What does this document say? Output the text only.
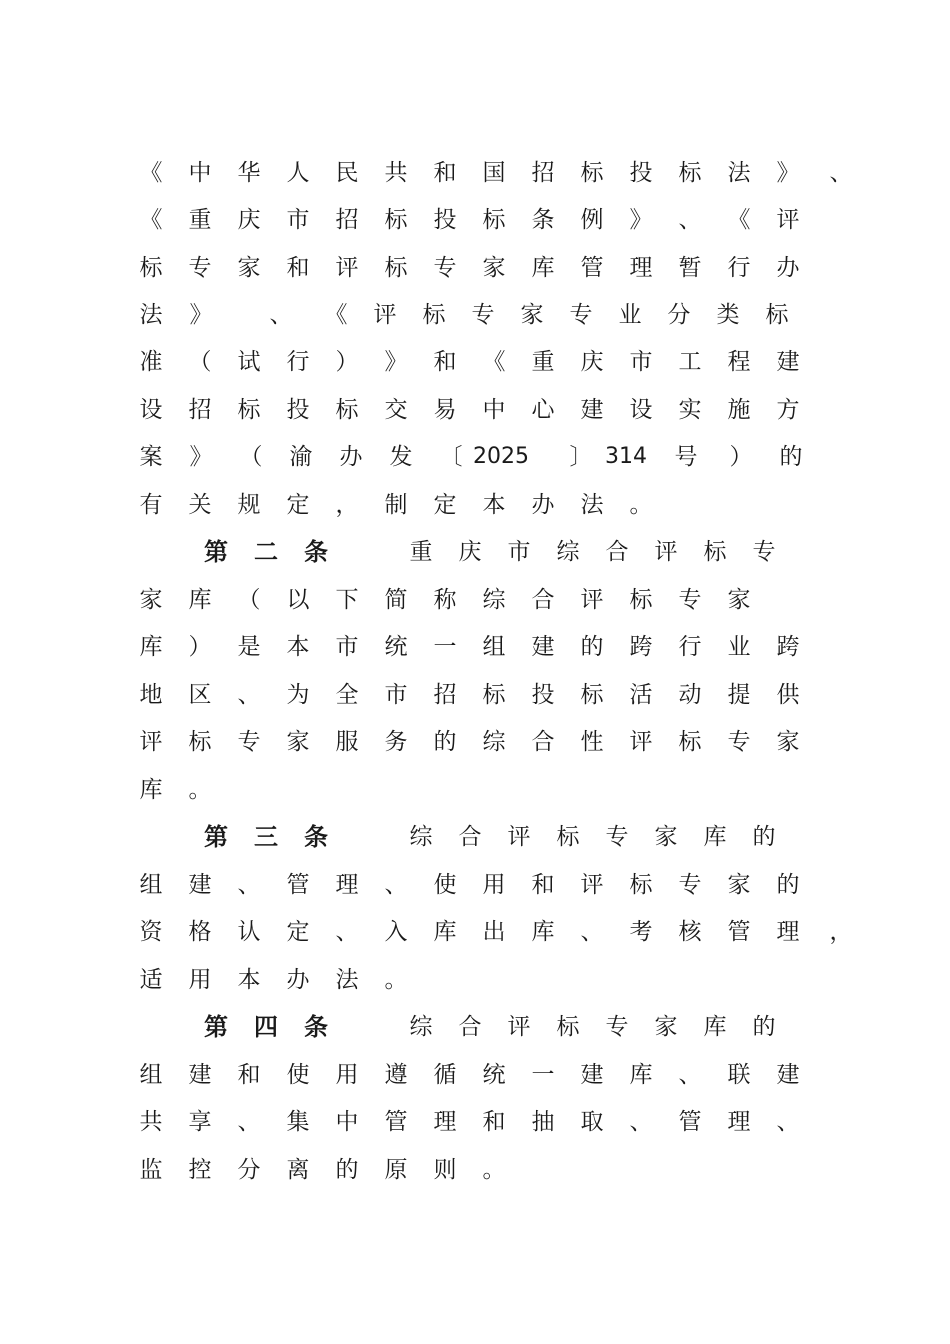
《 中 华 人 民 共 和 国 招 标 投 标 法 》 、
《 重 庆 市 招 标 投 标 条 例 》 、 《 评
标 专 家 和 评 标 专 家 库 管 理 暂 行 办
法 》 、 《 评 标 专 家 专 业 分 类 标
准 （ 试 行 ） 》 和 《 重 庆 市 工 程 建
设 招 标 投 标 交 易 中 心 建 设 实 施 方
案 》 （ 渝 办 发 〔 2025	〕 314	号 ） 的
有 关 规 定 ， 制 定 本 办 法 。
第 二 条	重 庆 市 综 合 评 标 专
家 库 （ 以 下 简 称 综 合 评 标 专 家
库 ） 是 本 市 统 一 组 建 的 跨 行 业 跨
地 区 、 为 全 市 招 标 投 标 活 动 提 供
评 标 专 家 服 务 的 综 合 性 评 标 专 家
库 。
第 三 条	综 合 评 标 专 家 库 的
组 建 、 管 理 、 使 用 和 评 标 专 家 的
资 格 认 定 、 入 库 出 库 、 考 核 管 理 ，
适 用 本 办 法 。
第 四 条	综 合 评 标 专 家 库 的
组 建 和 使 用 遵 循 统 一 建 库 、 联 建
共 享 、 集 中 管 理 和 抽 取 、 管 理 、
监 控 分 离 的 原 则 。
